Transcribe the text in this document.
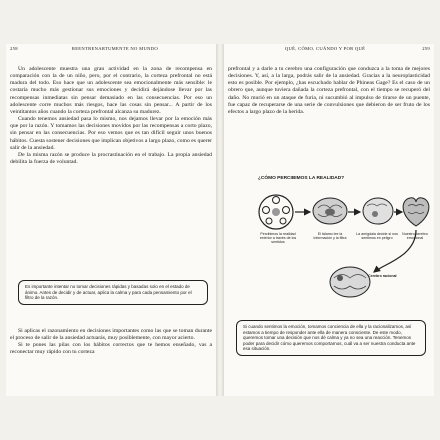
258	REENTRENARTUMENTE NO MUNDO

Un adolescente muestra una gran actividad en la zona de recompensa en comparación con la de un niño, pero, por el contrario, la corteza prefrontal no está madura del todo. Eso hace que un adolescente sea emocionalmente más sensible: le costaría mucho más gestionar sus emociones y decidirá dejándose llevar por las recompensas inmediatas sin pensar demasiado en las consecuencias. Por eso un adolescente corre muchos más riesgos, hace las cosas sin pensar... A partir de los veintitantos años cuando la corteza prefrontal alcanza su madurez.

Cuando tenemos ansiedad pasa lo mismo, nos dejamos llevar por la emoción más que por la razón. Y tomamos las decisiones movidos por las recompensas a corto plazo, sin pensar en las consecuencias. Por eso vemos que es tan difícil seguir unos buenos hábitos. Cuesta sostener decisiones que implican objetivos a largo plazo, como es querer salir de la ansiedad.

De la misma razón se produce la procrastinación en el trabajo. La propia ansiedad debilita la fuerza de voluntad.

Es importante intentar no tomar decisiones rápidas y basadas solo en el estado de ánimo. Antes de decidir y de actuar, aplica la calma y para cada pensamiento por el filtro de la razón.

Si aplicas el razonamiento en decisiones importantes como las que se toman durante el proceso de salir de la ansiedad actuarás, muy posiblemente, con mayor acierto.

Si te pones las pilas con los hábitos correctos que te hemos enseñado, vas a reconectar muy rápido con tu corteza

QUÉ, CÓMO, CUÁNDO Y POR QUÉ	259

prefrontal y a darle a tu cerebro una configuración que conduzca a la toma de mejores decisiones. Y, así, a la larga, podrás salir de la ansiedad. Gracias a la neuroplasticidad esto es posible. Por ejemplo, ¿has escuchado hablar de Phineas Gage? Es el caso de un obrero que, aunque tuviera dañada la corteza prefrontal, con el tiempo se recuperó del daño. No murió en un ataque de furia, ni sucumbió al impulso de tirarse de un puente, fue capaz de recuperarse de una serie de convulsiones que debieron de ser fruto de los efectos a largo plazo de la herida.

¿CÓMO PERCIBIMOS LA REALIDAD?
Percibimos la realidad exterior a través de los sentidos
El tálamo lee la información y la filtra
La amígdala decide si nos sentimos en peligro
Nuestro cerebro emocional
Cerebro racional
Si cuando sentimos la emoción, tomamos conciencia de ella y la racionalizamos, así estamos a tiempo de responder ante ella de manera consciente. De este modo, queremos tomar una decisión que nos dé calma y ya no sea una reacción. Tenemos poder para decidir cómo queremos comportarnos, cuál va a ser nuestra conducta ante esa situación.
